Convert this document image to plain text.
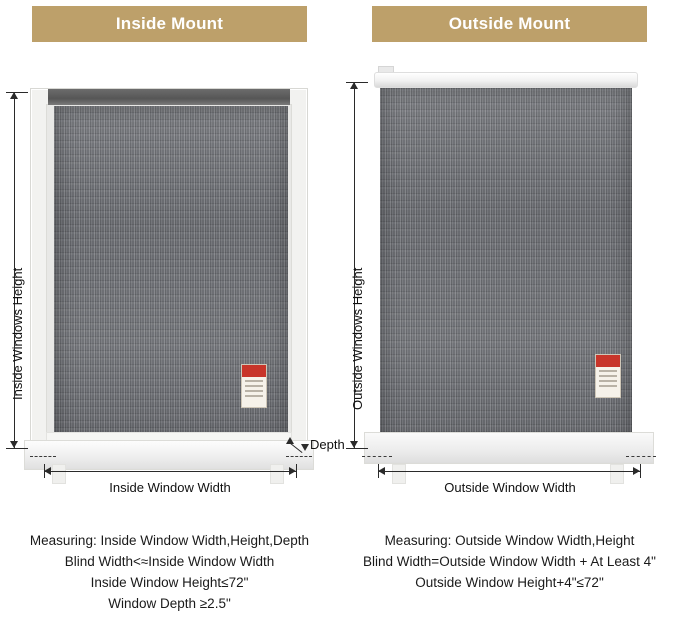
Inside Mount
Inside Windows Height
Inside Window Width
Depth
Measuring: Inside Window Width,Height,Depth
Blind Width<≈Inside Window Width
Inside Window Height≤72"
Window Depth ≥2.5"
Outside Mount
Outside Windows Height
Outside Window Width
Measuring: Outside Window Width,Height
Blind Width=Outside Window Width + At Least 4"
Outside Window Height+4"≤72"
